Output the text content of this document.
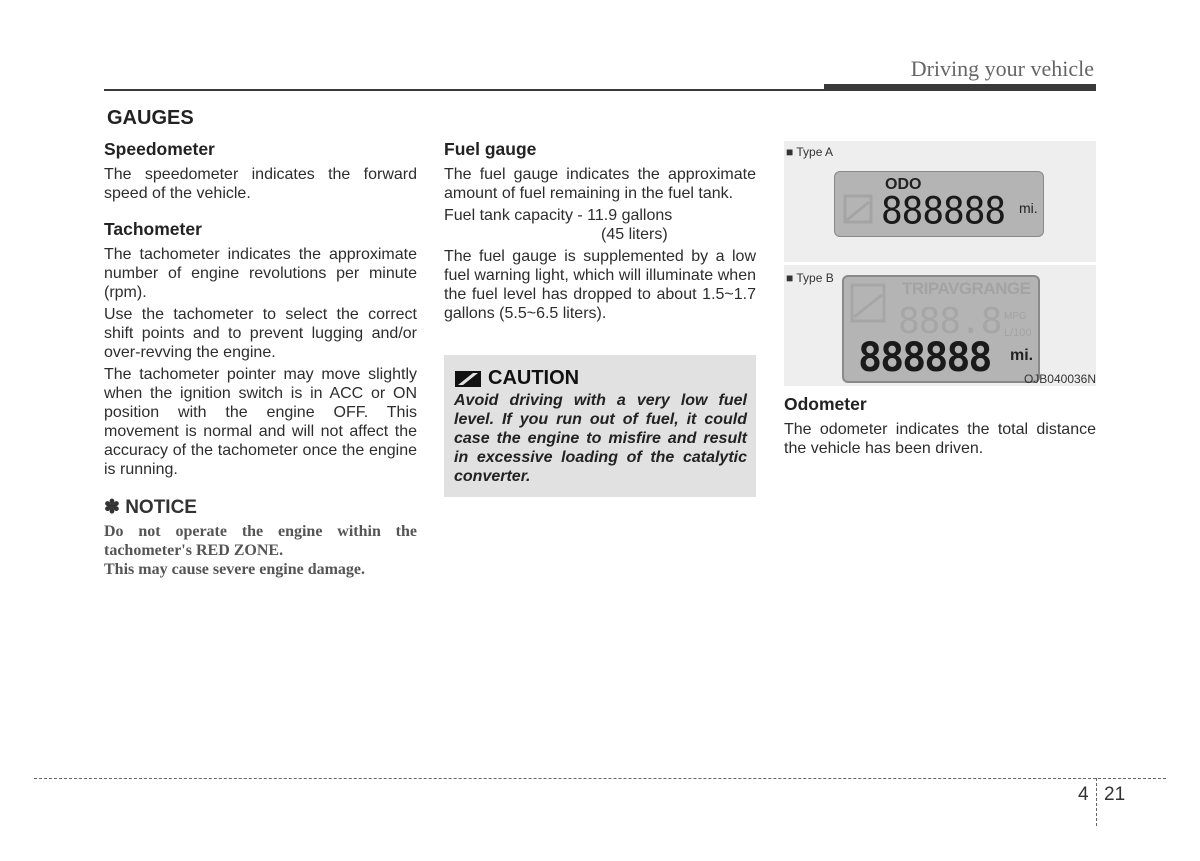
Driving your vehicle
GAUGES
Speedometer
The speedometer indicates the forward speed of the vehicle.
Tachometer
The tachometer indicates the approximate number of engine revolutions per minute (rpm).
Use the tachometer to select the correct shift points and to prevent lugging and/or over-revving the engine.
The tachometer pointer may move slightly when the ignition switch is in ACC or ON position with the engine OFF. This movement is normal and will not affect the accuracy of the tachometer once the engine is running.
✽ NOTICE
Do not operate the engine within the tachometer's RED ZONE.
This may cause severe engine damage.
Fuel gauge
The fuel gauge indicates the approximate amount of fuel remaining in the fuel tank.
Fuel tank capacity - 11.9 gallons
(45 liters)
The fuel gauge is supplemented by a low fuel warning light, which will illuminate when the fuel level has dropped to about 1.5~1.7 gallons (5.5~6.5 liters).
CAUTION
Avoid driving with a very low fuel level. If you run out of fuel, it could case the engine to misfire and result in excessive loading of the catalytic converter.
■ Type A
ODO
888888 mi.
■ Type B
TRIPAVGRANGE
888.8 MPG
L/100
888888 mi.
OJB040036N
Odometer
The odometer indicates the total distance the vehicle has been driven.
4 21
